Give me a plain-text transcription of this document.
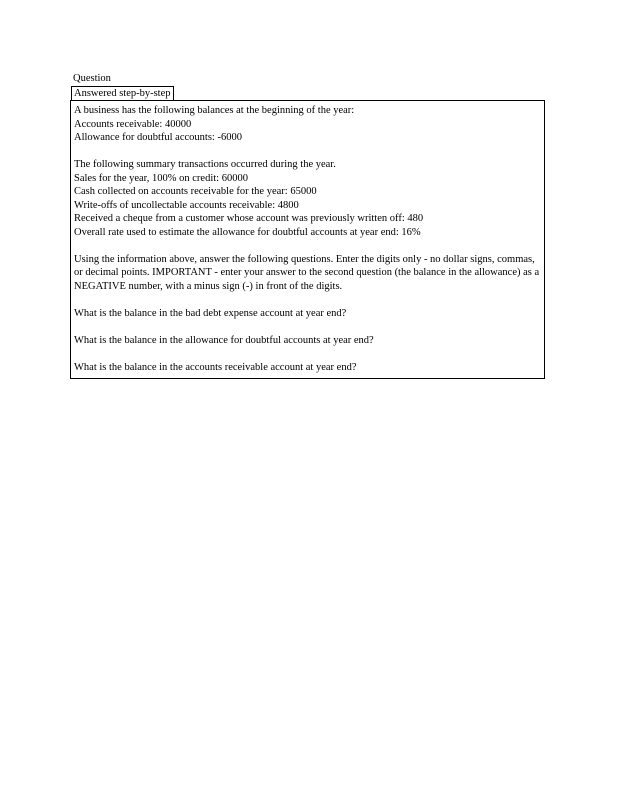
Question
Answered step-by-step
A business has the following balances at the beginning of the year:
Accounts receivable: 40000
Allowance for doubtful accounts: -6000
The following summary transactions occurred during the year.
Sales for the year, 100% on credit: 60000
Cash collected on accounts receivable for the year: 65000
Write-offs of uncollectable accounts receivable: 4800
Received a cheque from a customer whose account was previously written off: 480
Overall rate used to estimate the allowance for doubtful accounts at year end: 16%
Using the information above, answer the following questions. Enter the digits only - no dollar signs, commas, or decimal points. IMPORTANT - enter your answer to the second question (the balance in the allowance) as a NEGATIVE number, with a minus sign (-) in front of the digits.
What is the balance in the bad debt expense account at year end?
What is the balance in the allowance for doubtful accounts at year end?
What is the balance in the accounts receivable account at year end?
